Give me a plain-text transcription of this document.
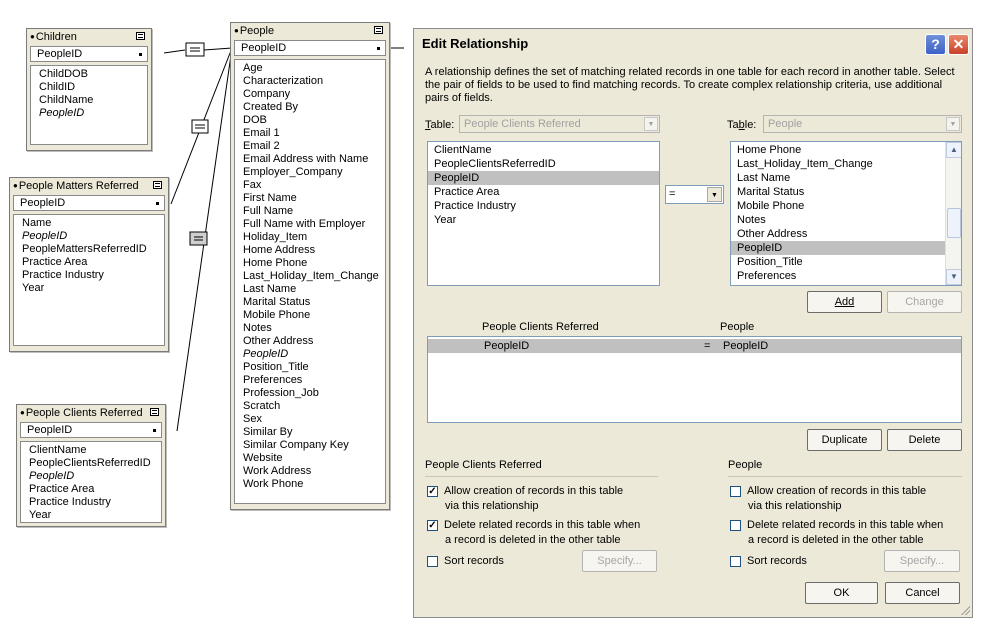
●Children
PeopleID
ChildDOB
ChildID
ChildName
PeopleID
●People Matters Referred
PeopleID
Name
PeopleID
PeopleMattersReferredID
Practice Area
Practice Industry
Year
●People Clients Referred
PeopleID
ClientName
PeopleClientsReferredID
PeopleID
Practice Area
Practice Industry
Year
●People
PeopleID
Age
Characterization
Company
Created By
DOB
Email 1
Email 2
Email Address with Name
Employer_Company
Fax
First Name
Full Name
Full Name with Employer
Holiday_Item
Home Address
Home Phone
Last_Holiday_Item_Change
Last Name
Marital Status
Mobile Phone
Notes
Other Address
PeopleID
Position_Title
Preferences
Profession_Job
Scratch
Sex
Similar By
Similar Company Key
Website
Work Address
Work Phone
Edit Relationship	? ✕
A relationship defines the set of matching related records in one table for each record in another table. Select the pair of fields to be used to find matching records. To create complex relationship criteria, use additional pairs of fields.
Table: People Clients Referred	▼	Table:	People	▼
ClientName
PeopleClientsReferredID
PeopleID
Practice Area
Practice Industry
Year
=	▼
Home Phone
Last_Holiday_Item_Change
Last Name
Marital Status
Mobile Phone
Notes
Other Address
PeopleID
Position_Title
Preferences
▲
▼
Add	Change
People Clients Referred	People
PeopleID	= PeopleID
Duplicate	Delete
People Clients Referred
✓ Allow creation of records in this table
via this relationship
✓ Delete related records in this table when
a record is deleted in the other table
Sort records	Specify...
People
Allow creation of records in this table
via this relationship
Delete related records in this table when
a record is deleted in the other table
Sort records	Specify...
OK	Cancel
